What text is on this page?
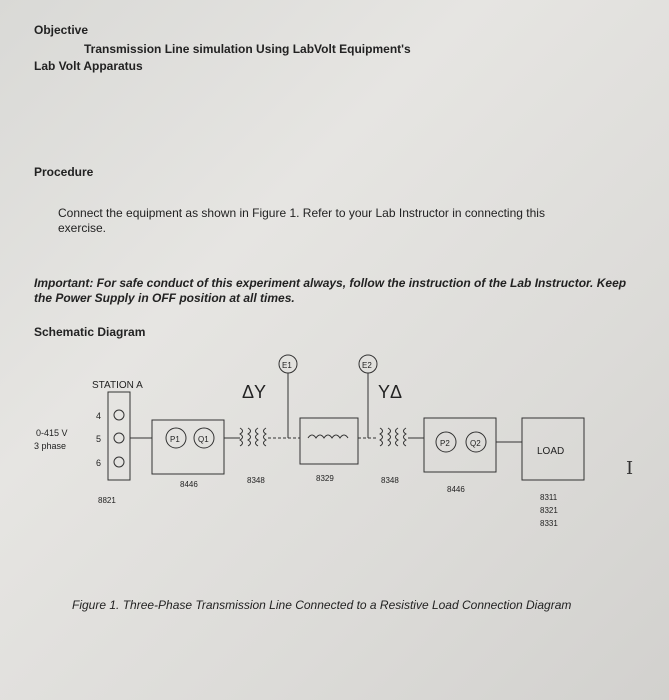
Objective
Transmission Line simulation Using LabVolt Equipment's
Lab Volt Apparatus
Procedure
Connect the equipment as shown in Figure 1. Refer to your Lab Instructor in connecting this
exercise.
Important: For safe conduct of this experiment always, follow the instruction of the Lab Instructor. Keep
the Power Supply in OFF position at all times.
Schematic Diagram
STATION A
0-415 V
3 phase
4
5
6
8821
P1 Q1	P2	Q2
E1	E2
ΔY	YΔ
8446	8348	8329	8348
8446
LOAD
8311
8321
8331
I
Figure 1. Three-Phase Transmission Line Connected to a Resistive Load Connection Diagram
